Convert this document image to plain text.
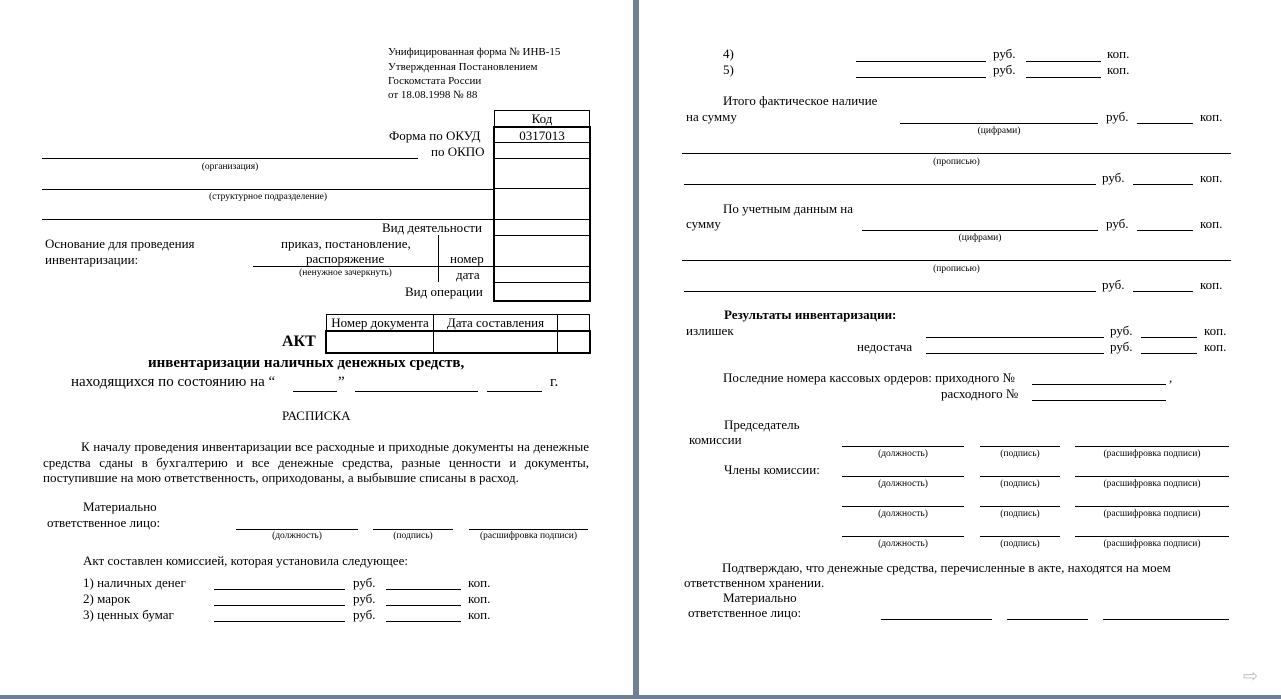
Унифицированная форма № ИНВ-15
Утвержденная Постановлением
Госкомстата России
от 18.08.1998 № 88
Код
Форма по ОКУД	0317013
по ОКПО
(организация)
(структурное подразделение)
Вид деятельности
Основание для проведения
инвентаризации:
приказ, постановление,
распоряжение
(ненужное зачеркнуть)
номер
дата
Вид операции
Номер документа	Дата составления
АКТ
инвентаризации наличных денежных средств,
находящихся по состоянию на “	”	г.
РАСПИСКА
К началу проведения инвентаризации все расходные и приходные документы на денежные средства сданы в бухгалтерию и все денежные средства, разные ценности и документы, поступившие на мою ответственность, оприходованы, а выбывшие списаны в расход.
Материально
ответственное лицо:
(должность)	(подпись)	(расшифровка подписи)
Акт составлен комиссией, которая установила следующее:
1) наличных денег	руб.	коп.
2) марок	руб.	коп.
3) ценных бумаг	руб.	коп.
4)	руб.	коп.
5)	руб.	коп.
Итого фактическое наличие
на сумму	руб.	коп.
(цифрами)
(прописью)
руб.	коп.
По учетным данным на
сумму	руб.	коп.
(цифрами)
(прописью)
руб.	коп.
Результаты инвентаризации:
излишек	руб.	коп.
недостача	руб.	коп.
Последние номера кассовых ордеров: приходного №	,
расходного №
Председатель
комиссии
(должность)	(подпись)	(расшифровка подписи)
Члены комиссии:
(должность)	(подпись)	(расшифровка подписи)
(должность)	(подпись)	(расшифровка подписи)
(должность)	(подпись)	(расшифровка подписи)
Подтверждаю, что денежные средства, перечисленные в акте, находятся на моем
ответственном хранении.
Материально
ответственное лицо:
⇨
